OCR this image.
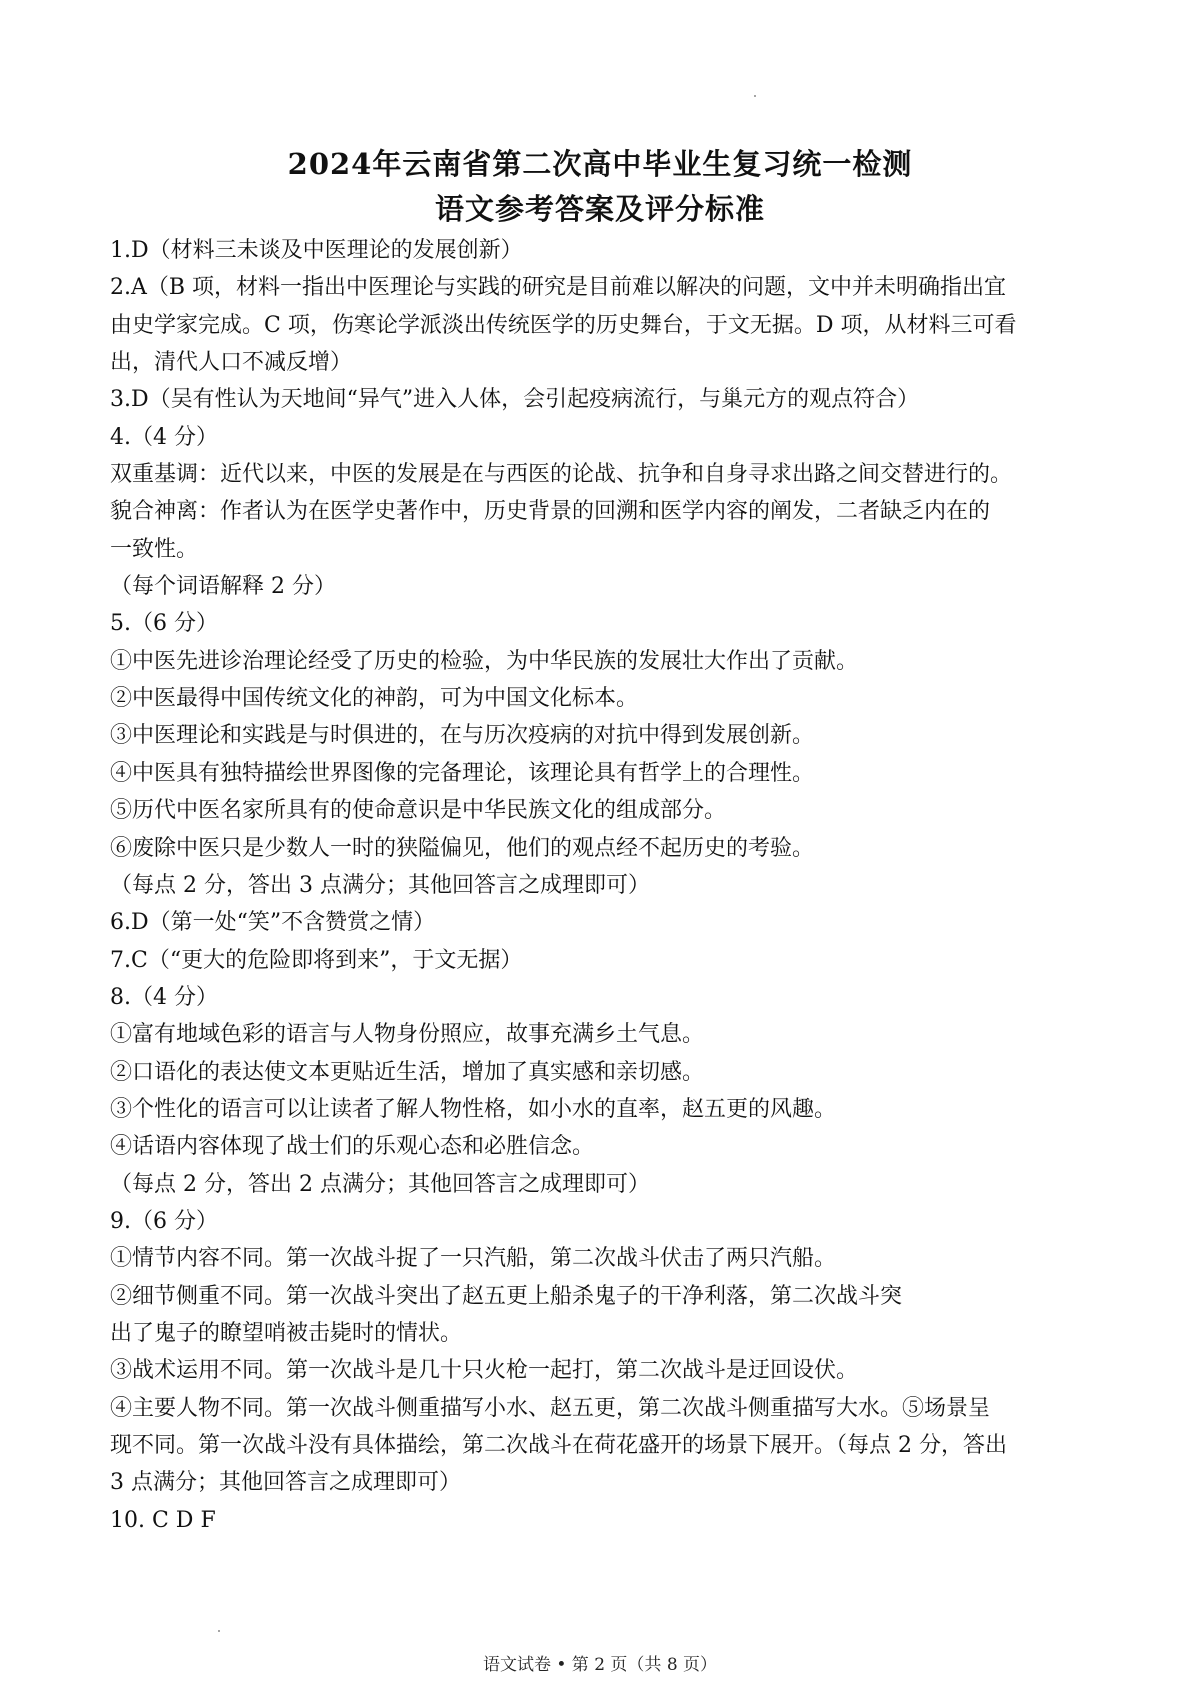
2024年云南省第二次高中毕业生复习统一检测
语文参考答案及评分标准
1.D（材料三未谈及中医理论的发展创新）
2.A（B 项，材料一指出中医理论与实践的研究是目前难以解决的问题，文中并未明确指出宜
由史学家完成。C 项，伤寒论学派淡出传统医学的历史舞台，于文无据。D 项，从材料三可看
出，清代人口不减反增）
3.D（吴有性认为天地间“异气”进入人体，会引起疫病流行，与巢元方的观点符合）
4.（4 分）
双重基调：近代以来，中医的发展是在与西医的论战、抗争和自身寻求出路之间交替进行的。
貌合神离：作者认为在医学史著作中，历史背景的回溯和医学内容的阐发，二者缺乏内在的
一致性。
（每个词语解释 2 分）
5.（6 分）
①中医先进诊治理论经受了历史的检验，为中华民族的发展壮大作出了贡献。
②中医最得中国传统文化的神韵，可为中国文化标本。
③中医理论和实践是与时俱进的，在与历次疫病的对抗中得到发展创新。
④中医具有独特描绘世界图像的完备理论，该理论具有哲学上的合理性。
⑤历代中医名家所具有的使命意识是中华民族文化的组成部分。
⑥废除中医只是少数人一时的狭隘偏见，他们的观点经不起历史的考验。
（每点 2 分，答出 3 点满分；其他回答言之成理即可）
6.D（第一处“笑”不含赞赏之情）
7.C（“更大的危险即将到来”，于文无据）
8.（4 分）
①富有地域色彩的语言与人物身份照应，故事充满乡土气息。
②口语化的表达使文本更贴近生活，增加了真实感和亲切感。
③个性化的语言可以让读者了解人物性格，如小水的直率，赵五更的风趣。
④话语内容体现了战士们的乐观心态和必胜信念。
（每点 2 分，答出 2 点满分；其他回答言之成理即可）
9.（6 分）
①情节内容不同。第一次战斗捉了一只汽船，第二次战斗伏击了两只汽船。
②细节侧重不同。第一次战斗突出了赵五更上船杀鬼子的干净利落，第二次战斗突
出了鬼子的瞭望哨被击毙时的情状。
③战术运用不同。第一次战斗是几十只火枪一起打，第二次战斗是迂回设伏。
④主要人物不同。第一次战斗侧重描写小水、赵五更，第二次战斗侧重描写大水。⑤场景呈
现不同。第一次战斗没有具体描绘，第二次战斗在荷花盛开的场景下展开。（每点 2 分，答出
3 点满分；其他回答言之成理即可）
10. C D F
语文试卷 • 第 2 页（共 8 页）
